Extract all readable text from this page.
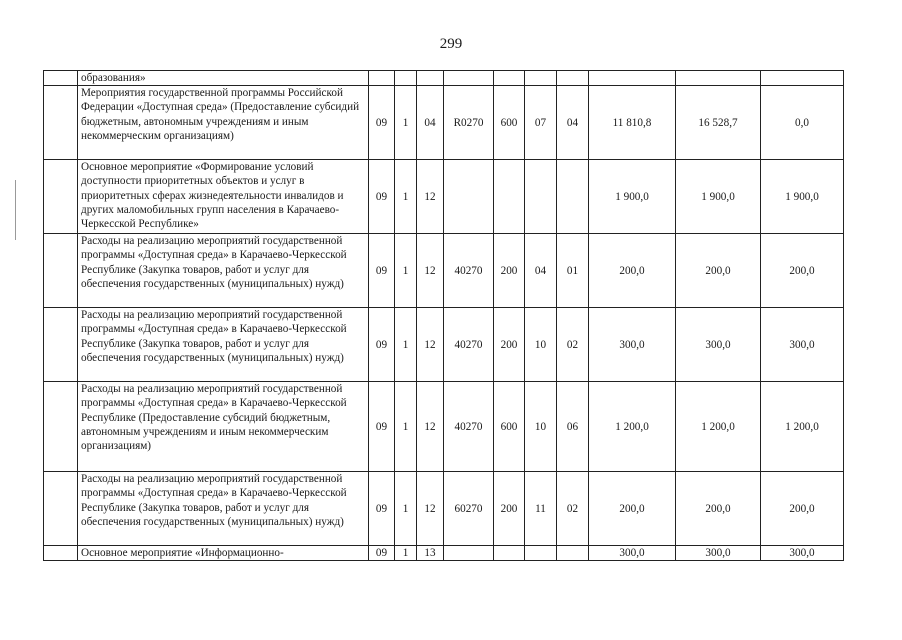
299
	образования»										
	Мероприятия государственной программы Российской Федерации «Доступная среда» (Предоставление субсидий бюджетным, автономным учреждениям и иным некоммерческим организациям)	09	1	04	R0270	600	07	04	11 810,8	16 528,7	0,0
	Основное мероприятие «Формирование условий доступности приоритетных объектов и услуг в приоритетных сферах жизнедеятельности инвалидов и других маломобильных групп населения в Карачаево-Черкесской Республике»	09	1	12					1 900,0	1 900,0	1 900,0
	Расходы на реализацию мероприятий государственной программы «Доступная среда» в Карачаево-Черкесской Республике (Закупка товаров, работ и услуг для обеспечения государственных (муниципальных) нужд)	09	1	12	40270	200	04	01	200,0	200,0	200,0
	Расходы на реализацию мероприятий государственной программы «Доступная среда» в Карачаево-Черкесской Республике (Закупка товаров, работ и услуг для обеспечения государственных (муниципальных) нужд)	09	1	12	40270	200	10	02	300,0	300,0	300,0
	Расходы на реализацию мероприятий государственной программы «Доступная среда» в Карачаево-Черкесской Республике (Предоставление субсидий бюджетным, автономным учреждениям и иным некоммерческим организациям)	09	1	12	40270	600	10	06	1 200,0	1 200,0	1 200,0
	Расходы на реализацию мероприятий государственной программы «Доступная среда» в Карачаево-Черкесской Республике (Закупка товаров, работ и услуг для обеспечения государственных (муниципальных) нужд)	09	1	12	60270	200	11	02	200,0	200,0	200,0
	Основное мероприятие «Информационно-	09	1	13					300,0	300,0	300,0
